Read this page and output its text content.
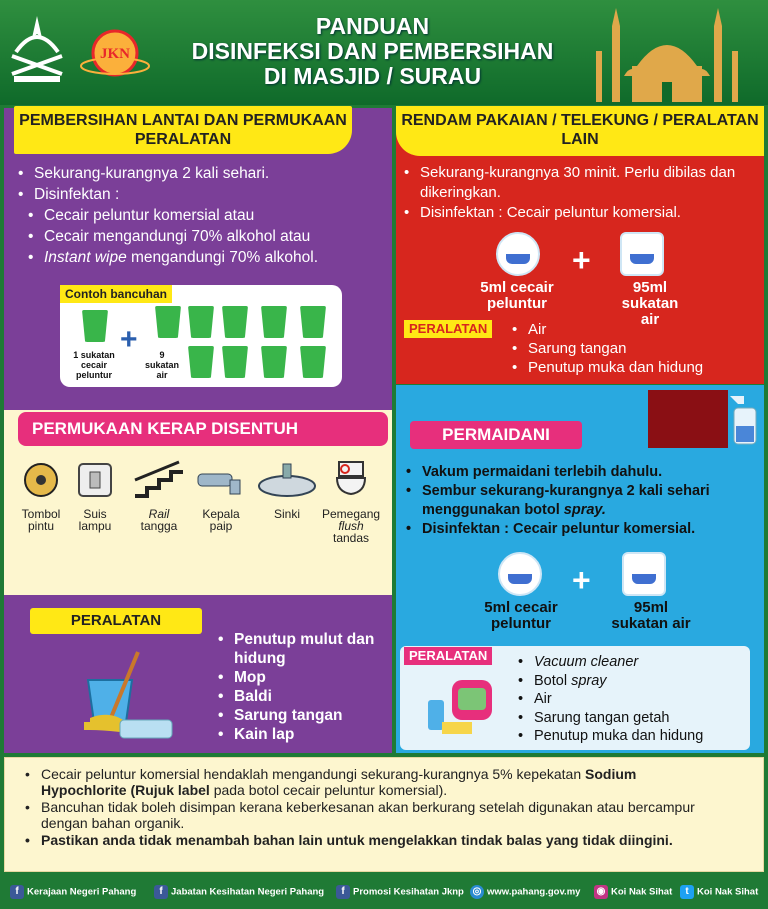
JKN
PANDUAN
DISINFEKSI DAN PEMBERSIHAN
DI MASJID / SURAU
PEMBERSIHAN LANTAI DAN PERMUKAAN PERALATAN
• Sekurang-kurangnya 2 kali sehari.
• Disinfektan :
• Cecair peluntur komersial atau
• Cecair mengandungi 70% alkohol atau
• Instant wipe mengandungi 70% alkohol.
Contoh bancuhan
1 sukatan cecair peluntur
+	9 sukatan air
PERMUKAAN KERAP DISENTUH
Tombol
pintu
Suis
lampu
Rail
tangga
Kepala
paip
Sinki	Pemegang
flush
tandas
PERALATAN
• Penutup mulut dan hidung
• Mop
• Baldi
• Sarung tangan
• Kain lap
RENDAM PAKAIAN / TELEKUNG / PERALATAN LAIN
• Sekurang-kurangnya 30 minit. Perlu dibilas dan dikeringkan.
• Disinfektan : Cecair peluntur komersial.
+
5ml cecair peluntur
95ml sukatan air
PERALATAN	• Air
• Sarung tangan
• Penutup muka dan hidung
PERMAIDANI
• Vakum permaidani terlebih dahulu.
• Sembur sekurang-kurangnya 2 kali sehari menggunakan botol spray.
• Disinfektan : Cecair peluntur komersial.
+
5ml cecair peluntur
95ml sukatan air
PERALATAN	• Vacuum cleaner
• Botol spray
• Air
• Sarung tangan getah
• Penutup muka dan hidung
• Cecair peluntur komersial hendaklah mengandungi sekurang-kurangnya 5% kepekatan Sodium Hypochlorite (Rujuk label pada botol cecair peluntur komersial).
• Bancuhan tidak boleh disimpan kerana keberkesanan akan berkurang setelah digunakan atau bercampur dengan bahan organik.
• Pastikan anda tidak menambah bahan lain untuk mengelakkan tindak balas yang tidak diingini.
f Kerajaan Negeri Pahang	f Jabatan Kesihatan Negeri Pahang	f Promosi Kesihatan Jknp ◎ www.pahang.gov.my ◉ Koi Nak Sihat	t Koi Nak Sihat
